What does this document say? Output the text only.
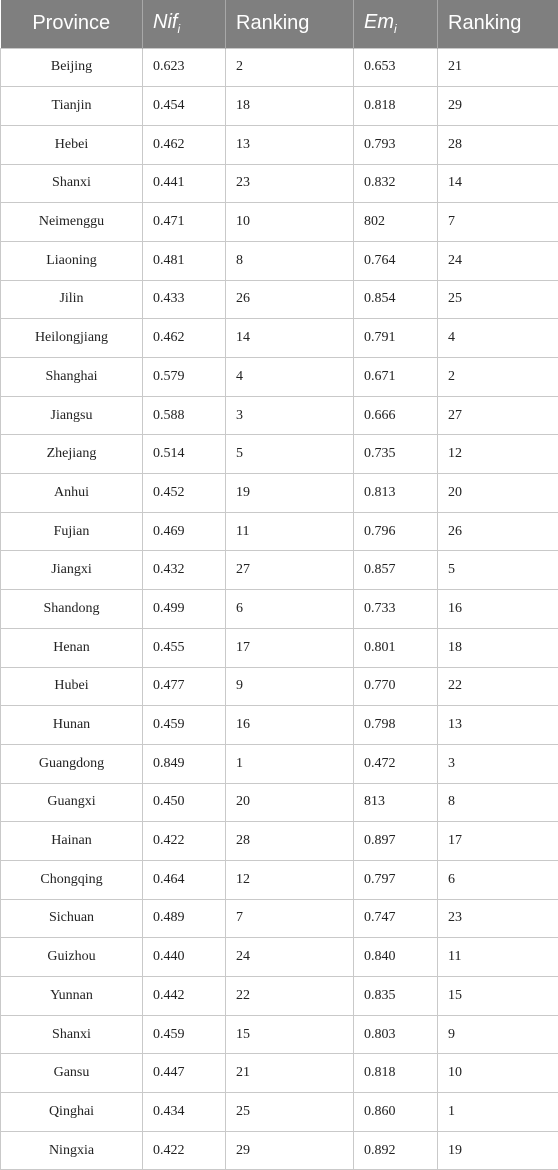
Province	Nif$_i$	Ranking	$Em_i$	Ranking
Beijing	0.623	2	0.653	21
Tianjin	0.454	18	0.818	29
Hebei	0.462	13	0.793	28
Shanxi	0.441	23	0.832	14
Neimenggu	0.471	10	802	7
Liaoning	0.481	8	0.764	24
Jilin	0.433	26	0.854	25
Heilongjiang	0.462	14	0.791	4
Shanghai	0.579	4	0.671	2
Jiangsu	0.588	3	0.666	27
Zhejiang	0.514	5	0.735	12
Anhui	0.452	19	0.813	20
Fujian	0.469	11	0.796	26
Jiangxi	0.432	27	0.857	5
Shandong	0.499	6	0.733	16
Henan	0.455	17	0.801	18
Hubei	0.477	9	0.770	22
Hunan	0.459	16	0.798	13
Guangdong	0.849	1	0.472	3
Guangxi	0.450	20	813	8
Hainan	0.422	28	0.897	17
Chongqing	0.464	12	0.797	6
Sichuan	0.489	7	0.747	23
Guizhou	0.440	24	0.840	11
Yunnan	0.442	22	0.835	15
Shanxi	0.459	15	0.803	9
Gansu	0.447	21	0.818	10
Qinghai	0.434	25	0.860	1
Ningxia	0.422	29	0.892	19
